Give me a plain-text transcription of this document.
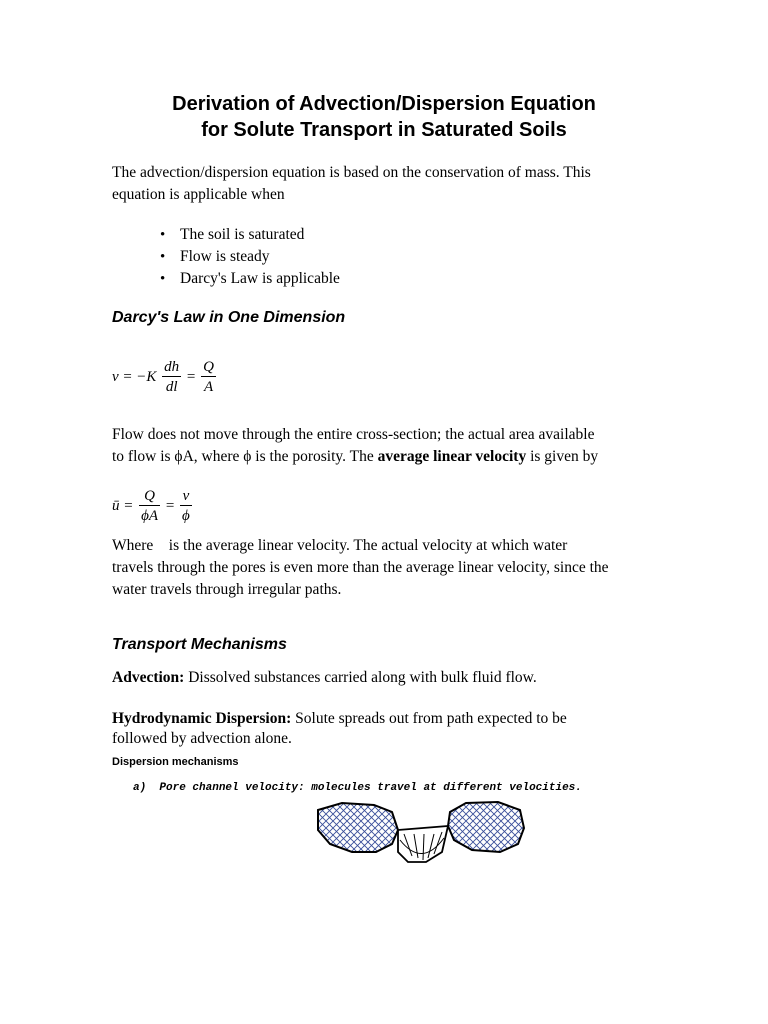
Derivation of Advection/Dispersion Equation
for Solute Transport in Saturated Soils
The advection/dispersion equation is based on the conservation of mass. This
equation is applicable when
• The soil is saturated
• Flow is steady
• Darcy's Law is applicable
Darcy's Law in One Dimension
$v = -K \frac{dh}{dl} = \frac{Q}{A}$
Flow does not move through the entire cross-section; the actual area available
to flow is ϕA, where ϕ is the porosity. The average linear velocity is given by
ū = $\frac{Q}{\phi A} = \frac{v}{\phi}$
Where    is the average linear velocity. The actual velocity at which water
travels through the pores is even more than the average linear velocity, since the
water travels through irregular paths.
Transport Mechanisms
Advection: Dissolved substances carried along with bulk fluid flow.
Hydrodynamic Dispersion: Solute spreads out from path expected to be
followed by advection alone.
Dispersion mechanisms
a)  Pore channel velocity: molecules travel at different velocities.
